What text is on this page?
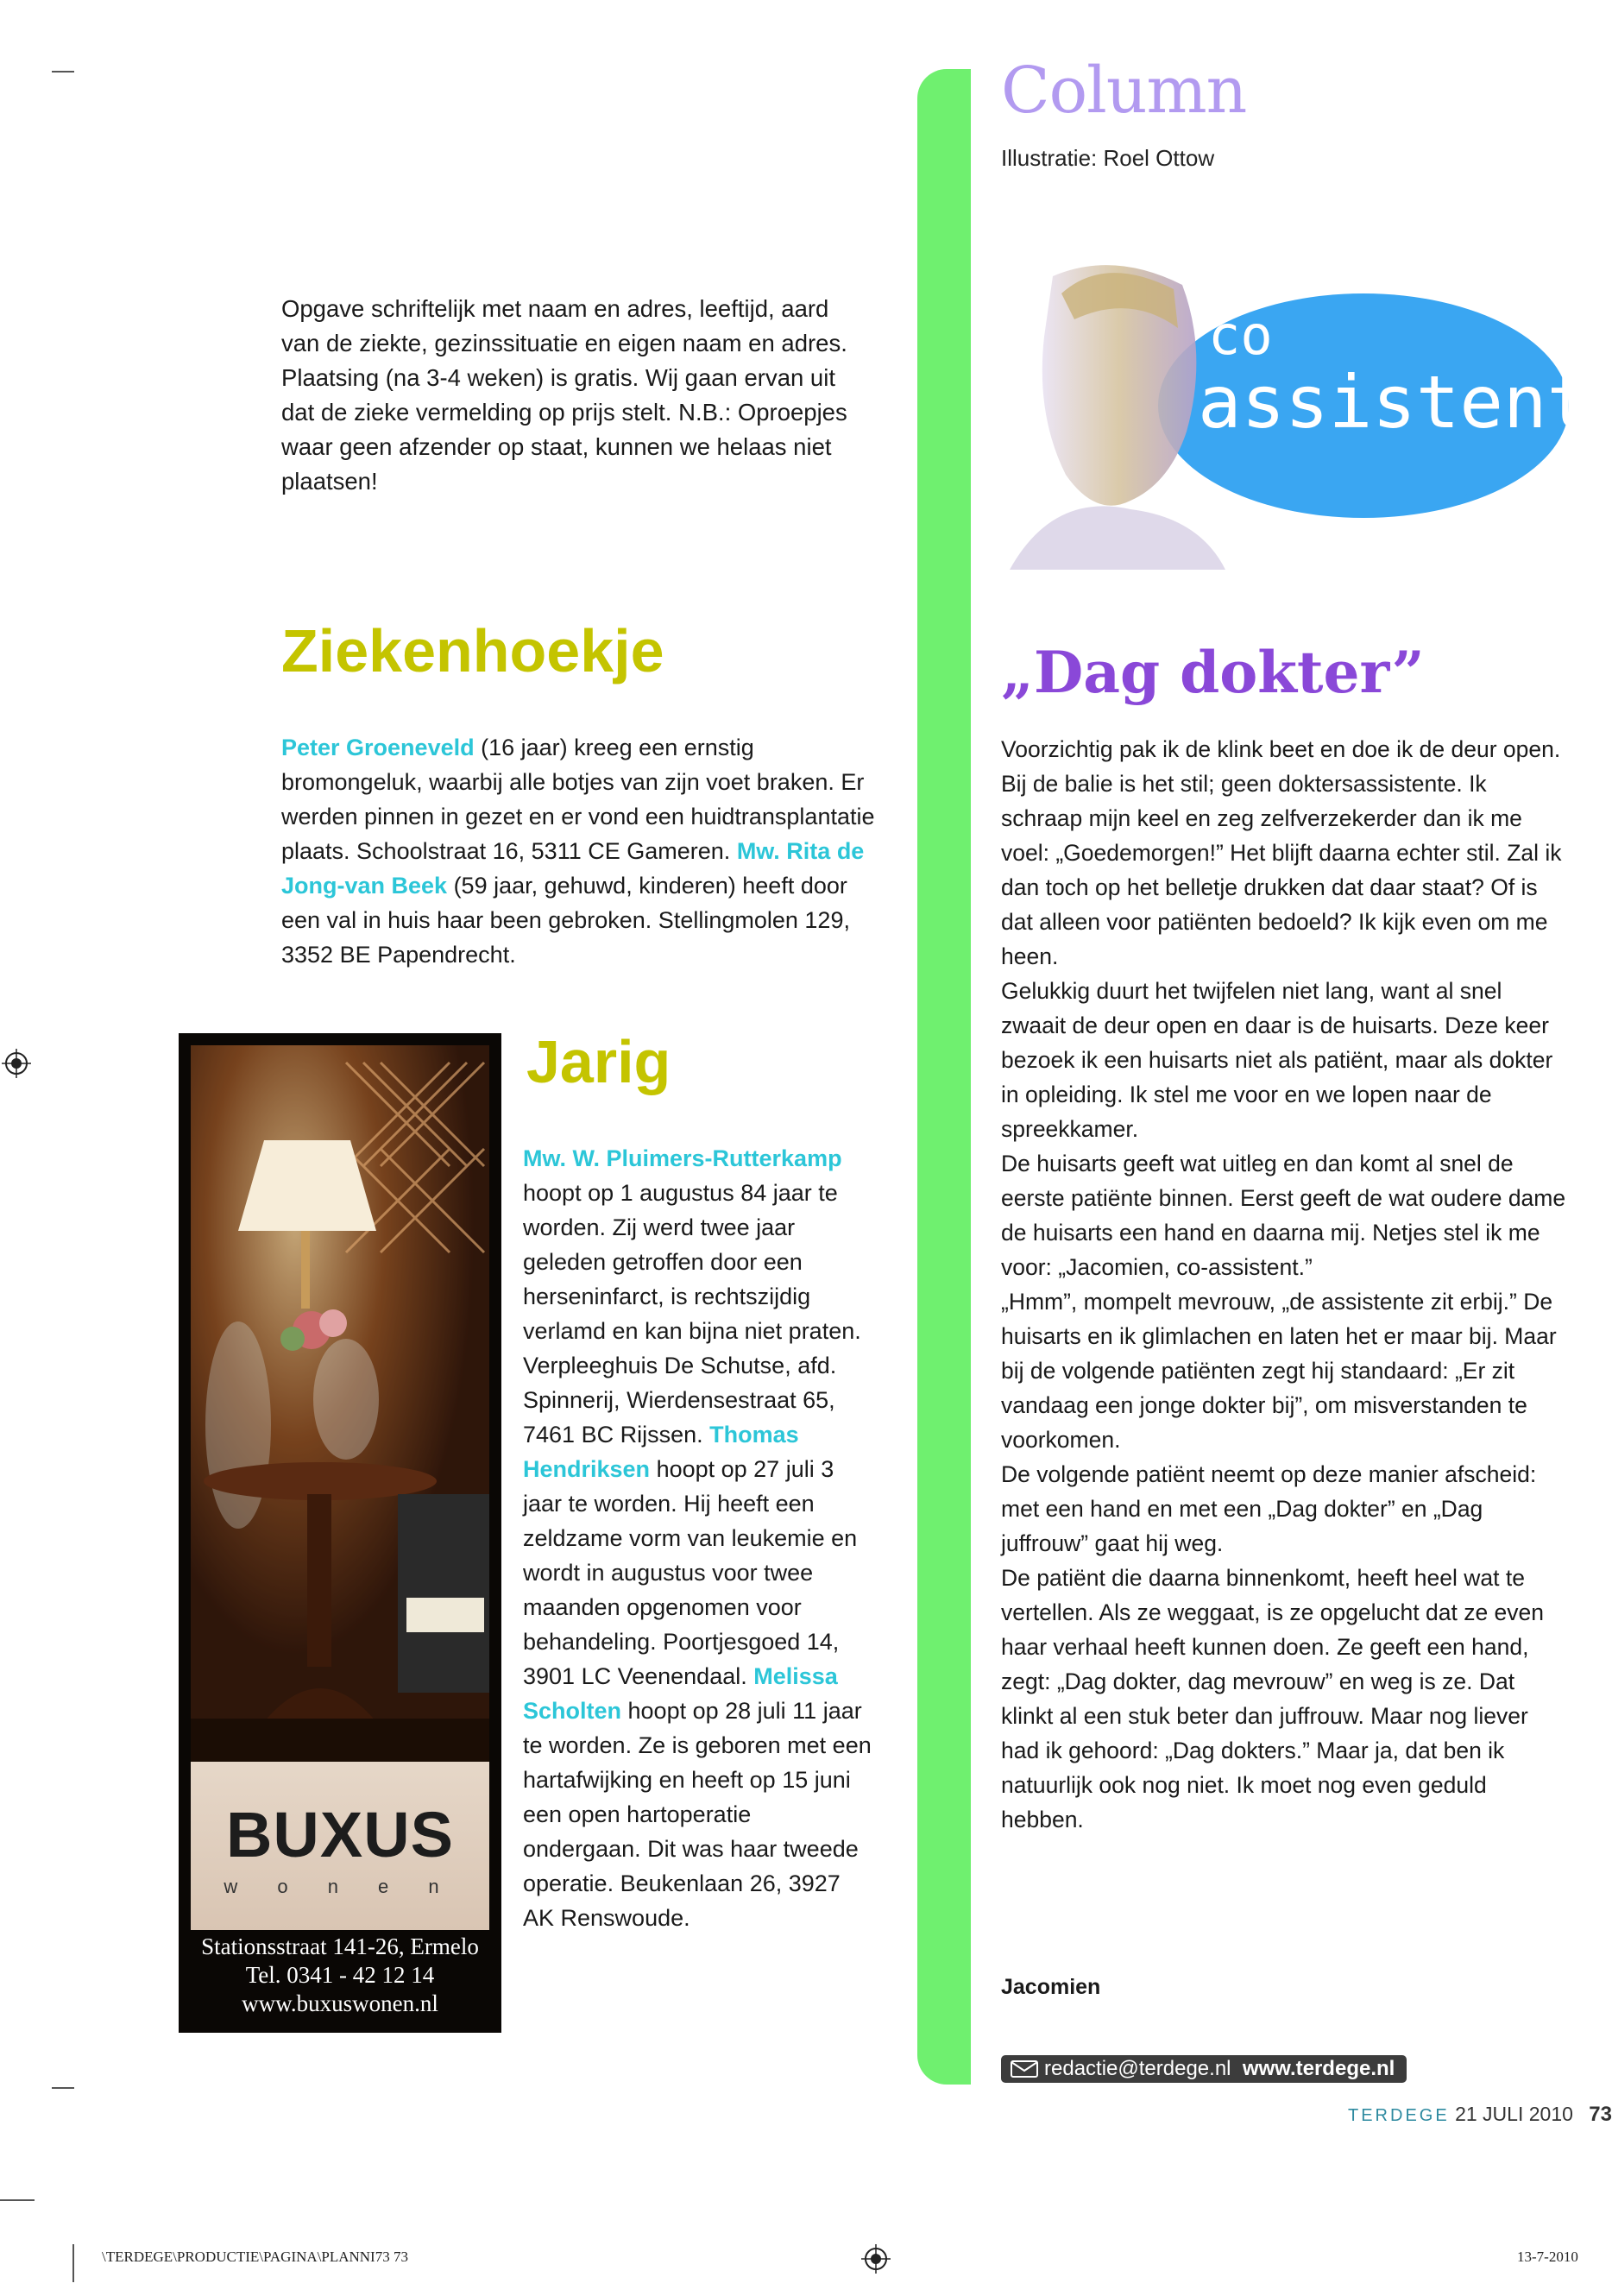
Opgave schriftelijk met naam en adres, leeftijd, aard van de ziekte, gezinssituatie en eigen naam en adres. Plaatsing (na 3-4 weken) is gratis. Wij gaan ervan uit dat de zieke vermelding op prijs stelt. N.B.: Oproepjes waar geen afzender op staat, kunnen we helaas niet plaatsen!
Ziekenhoekje
Peter Groeneveld (16 jaar) kreeg een ernstig bromongeluk, waarbij alle botjes van zijn voet braken. Er werden pinnen in gezet en er vond een huidtransplantatie plaats. Schoolstraat 16, 5311 CE Gameren. Mw. Rita de Jong-van Beek (59 jaar, gehuwd, kinderen) heeft door een val in huis haar been gebroken. Stellingmolen 129, 3352 BE Papendrecht.
Jarig
Mw. W. Pluimers-Rutterkamp hoopt op 1 augustus 84 jaar te worden. Zij werd twee jaar geleden getroffen door een herseninfarct, is rechtszijdig verlamd en kan bijna niet praten. Verpleeghuis De Schutse, afd. Spinnerij, Wierdensestraat 65, 7461 BC Rijssen. Thomas Hendriksen hoopt op 27 juli 3 jaar te worden. Hij heeft een zeldzame vorm van leukemie en wordt in augustus voor twee maanden opgenomen voor behandeling. Poortjesgoed 14, 3901 LC Veenendaal. Melissa Scholten hoopt op 28 juli 11 jaar te worden. Ze is geboren met een hartafwijking en heeft op 15 juni een open hartoperatie ondergaan. Dit was haar tweede operatie. Beukenlaan 26, 3927 AK Renswoude.
BUXUS
w o n e n
Stationsstraat 141-26, Ermelo
Tel. 0341 - 42 12 14
www.buxuswonen.nl
Column
Illustratie: Roel Ottow
co
assistent
„Dag dokter”

Voorzichtig pak ik de klink beet en doe ik de deur open. Bij de balie is het stil; geen doktersassistente. Ik schraap mijn keel en zeg zelfverzekerder dan ik me voel: „Goedemorgen!” Het blijft daarna echter stil. Zal ik dan toch op het belletje drukken dat daar staat? Of is dat alleen voor patiënten bedoeld? Ik kijk even om me heen.

Gelukkig duurt het twijfelen niet lang, want al snel zwaait de deur open en daar is de huisarts. Deze keer bezoek ik een huisarts niet als patiënt, maar als dokter in opleiding. Ik stel me voor en we lopen naar de spreekkamer.

De huisarts geeft wat uitleg en dan komt al snel de eerste patiënte binnen. Eerst geeft de wat oudere dame de huisarts een hand en daarna mij. Netjes stel ik me voor: „Jacomien, co-assistent.”

„Hmm”, mompelt mevrouw, „de assistente zit erbij.” De huisarts en ik glimlachen en laten het er maar bij. Maar bij de volgende patiënten zegt hij standaard: „Er zit vandaag een jonge dokter bij”, om misverstanden te voorkomen.

De volgende patiënt neemt op deze manier afscheid: met een hand en met een „Dag dokter” en „Dag juffrouw” gaat hij weg.

De patiënt die daarna binnenkomt, heeft heel wat te vertellen. Als ze weggaat, is ze opgelucht dat ze even haar verhaal heeft kunnen doen. Ze geeft een hand, zegt: „Dag dokter, dag mevrouw” en weg is ze. Dat klinkt al een stuk beter dan juffrouw. Maar nog liever had ik gehoord: „Dag dokters.” Maar ja, dat ben ik natuurlijk ook nog niet. Ik moet nog even geduld hebben.

Jacomien
redactie@terdege.nl www.terdege.nl
TERDEGE 21 JULI 2010 73
\TERDEGE\PRODUCTIE\PAGINA\PLANNI73 73	13-7-2010
